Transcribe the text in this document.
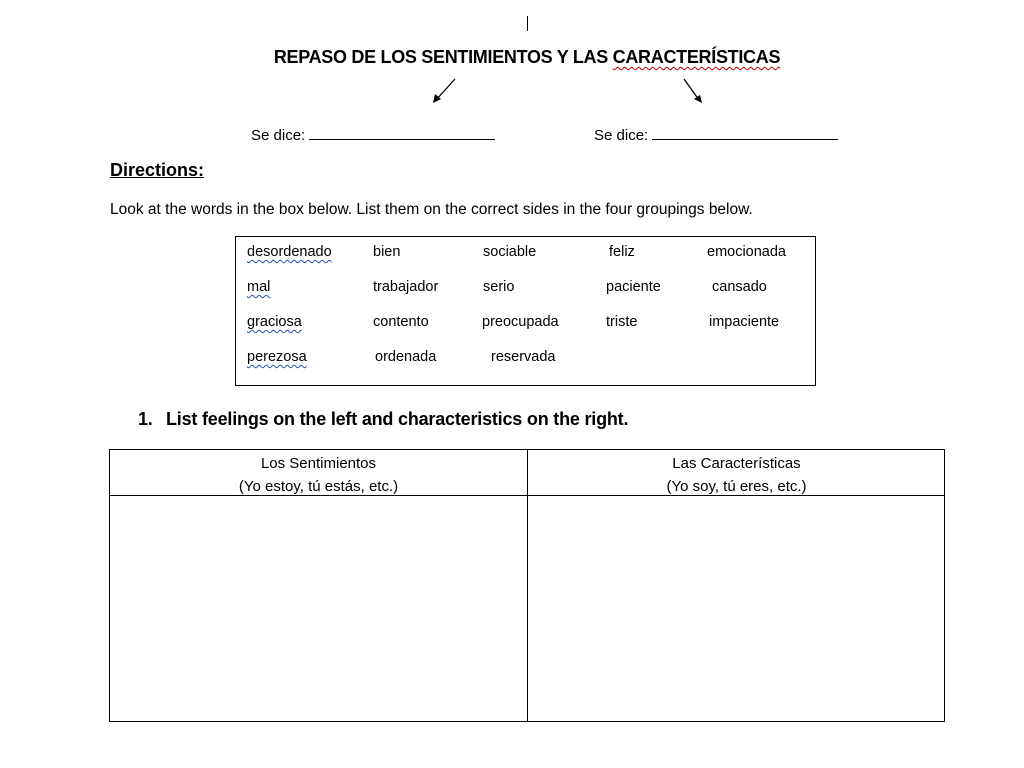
REPASO DE LOS SENTIMIENTOS Y LAS CARACTERÍSTICAS
Se dice:	Se dice:
Directions:
Look at the words in the box below. List them on the correct sides in the four groupings below.
desordenado	bien	sociable	feliz	emocionada
mal	trabajador	serio	paciente	cansado
graciosa	contento	preocupada	triste	impaciente
perezosa	ordenada	reservada
1. List feelings on the left and characteristics on the right.
Los Sentimientos
(Yo estoy, tú estás, etc.)
Las Características
(Yo soy, tú eres, etc.)
